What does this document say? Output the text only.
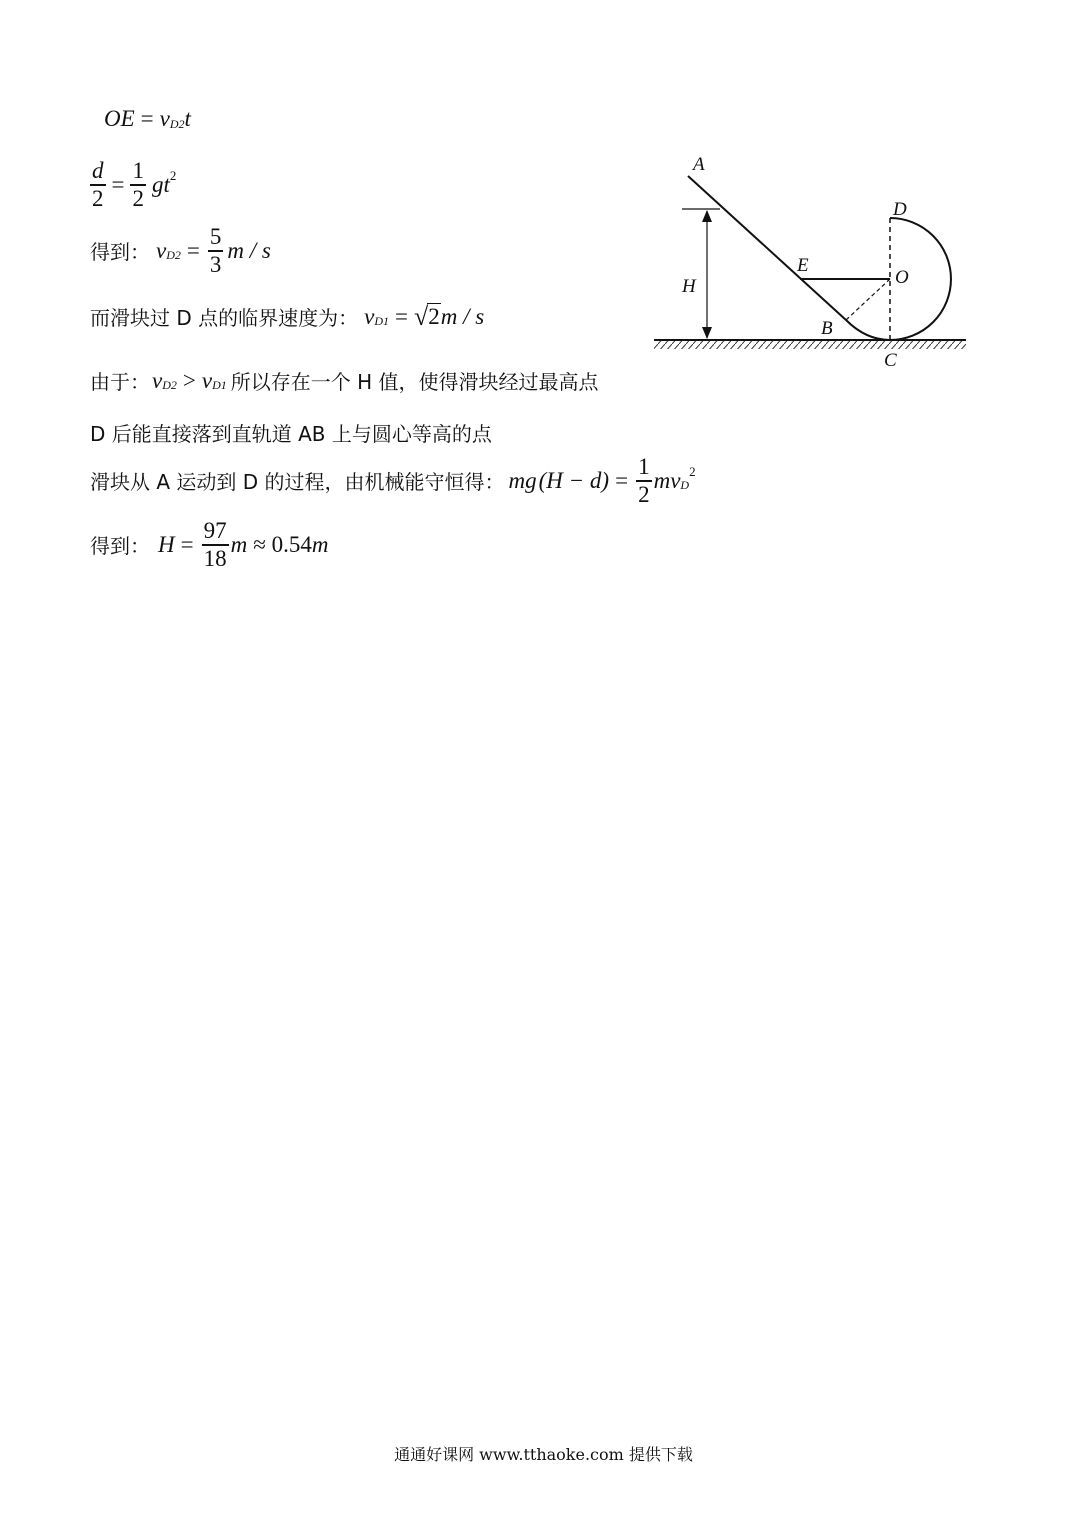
OE = v D2 t
$\frac{d}{2} = \frac{1}{2}$ gt 2
得到： v $D2 = \frac{5}{3}$ m / s
而滑块过 D 点的临界速度为： v D1 = √ 2 m / s
由于： v D2 > v D1 所以存在一个 H 值，使得滑块经过最高点
D 后能直接落到直轨道 AB 上与圆心等高的点
滑块从 A 运动到 D 的过程，由机械能守恒得： mg $(H - d) = \frac{1}{2}$ mv D
2
得到： $H = \frac{97}{18}$ m ≈ 0.54 m
A
B
C
D
E
O
H
通通好课网 www.tthaoke.com 提供下载
